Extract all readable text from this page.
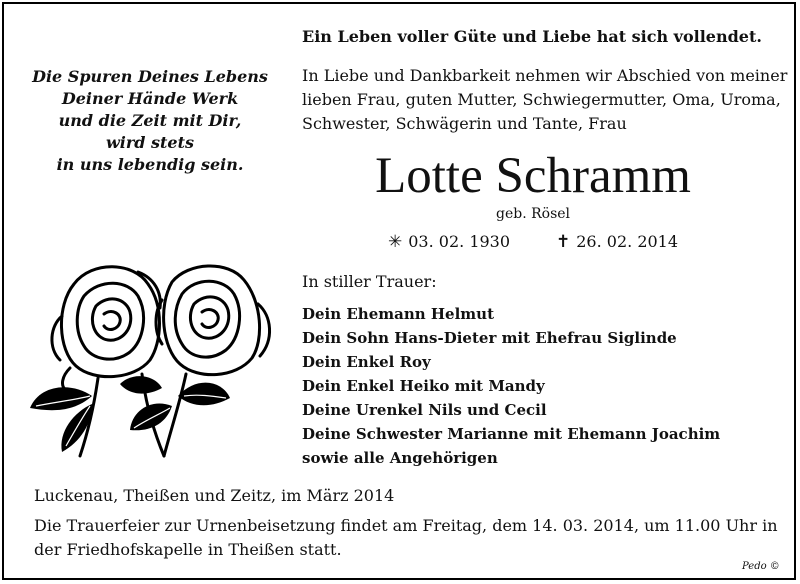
Die Spuren Deines Lebens
Deiner Hände Werk
und die Zeit mit Dir,
wird stets
in uns lebendig sein.
Ein Leben voller Güte und Liebe hat sich vollendet.
In Liebe und Dankbarkeit nehmen wir Abschied von meiner
lieben Frau, guten Mutter, Schwiegermutter, Oma, Uroma,
Schwester, Schwägerin und Tante, Frau
Lotte Schramm
geb. Rösel
✳ 03. 02. 1930	✝ 26. 02. 2014
In stiller Trauer:
Dein Ehemann Helmut
Dein Sohn Hans-Dieter mit Ehefrau Siglinde
Dein Enkel Roy
Dein Enkel Heiko mit Mandy
Deine Urenkel Nils und Cecil
Deine Schwester Marianne mit Ehemann Joachim
sowie alle Angehörigen
Luckenau, Theißen und Zeitz, im März 2014
Die Trauerfeier zur Urnenbeisetzung findet am Freitag, dem 14. 03. 2014, um 11.00 Uhr in
der Friedhofskapelle in Theißen statt.
Pedo ©
